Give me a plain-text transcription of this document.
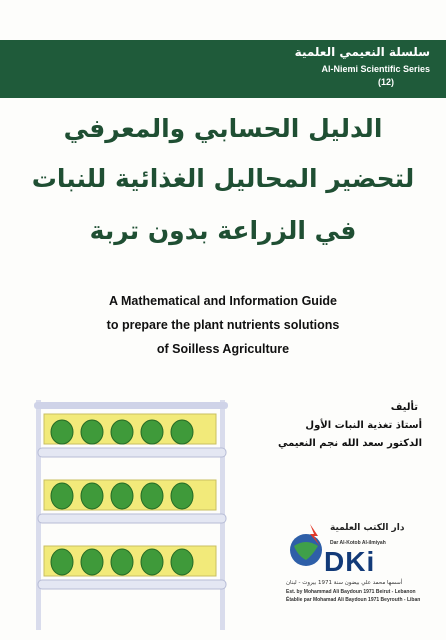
سلسلة النعيمي العلمية
Al-Niemi Scientific Series
(12)
الدليل الحسابي والمعرفي
لتحضير المحاليل الغذائية للنبات
في الزراعة بدون تربة
A Mathematical and Information Guide
to prepare the plant nutrients solutions
of Soilless Agriculture
تأليف
أستاذ تغذية النبات الأول
الدكتور سعد الله نجم النعيمي
دار الكتب العلمية
Dar Al-Kotob Al-ilmiyah
DKi
أسسها محمد علي بيضون سنة 1971 بيروت - لبنان
Est. by Mohammad Ali Baydoun 1971 Beirut - Lebanon
Établie par Mohamad Ali Baydoun 1971 Beyrouth - Liban
